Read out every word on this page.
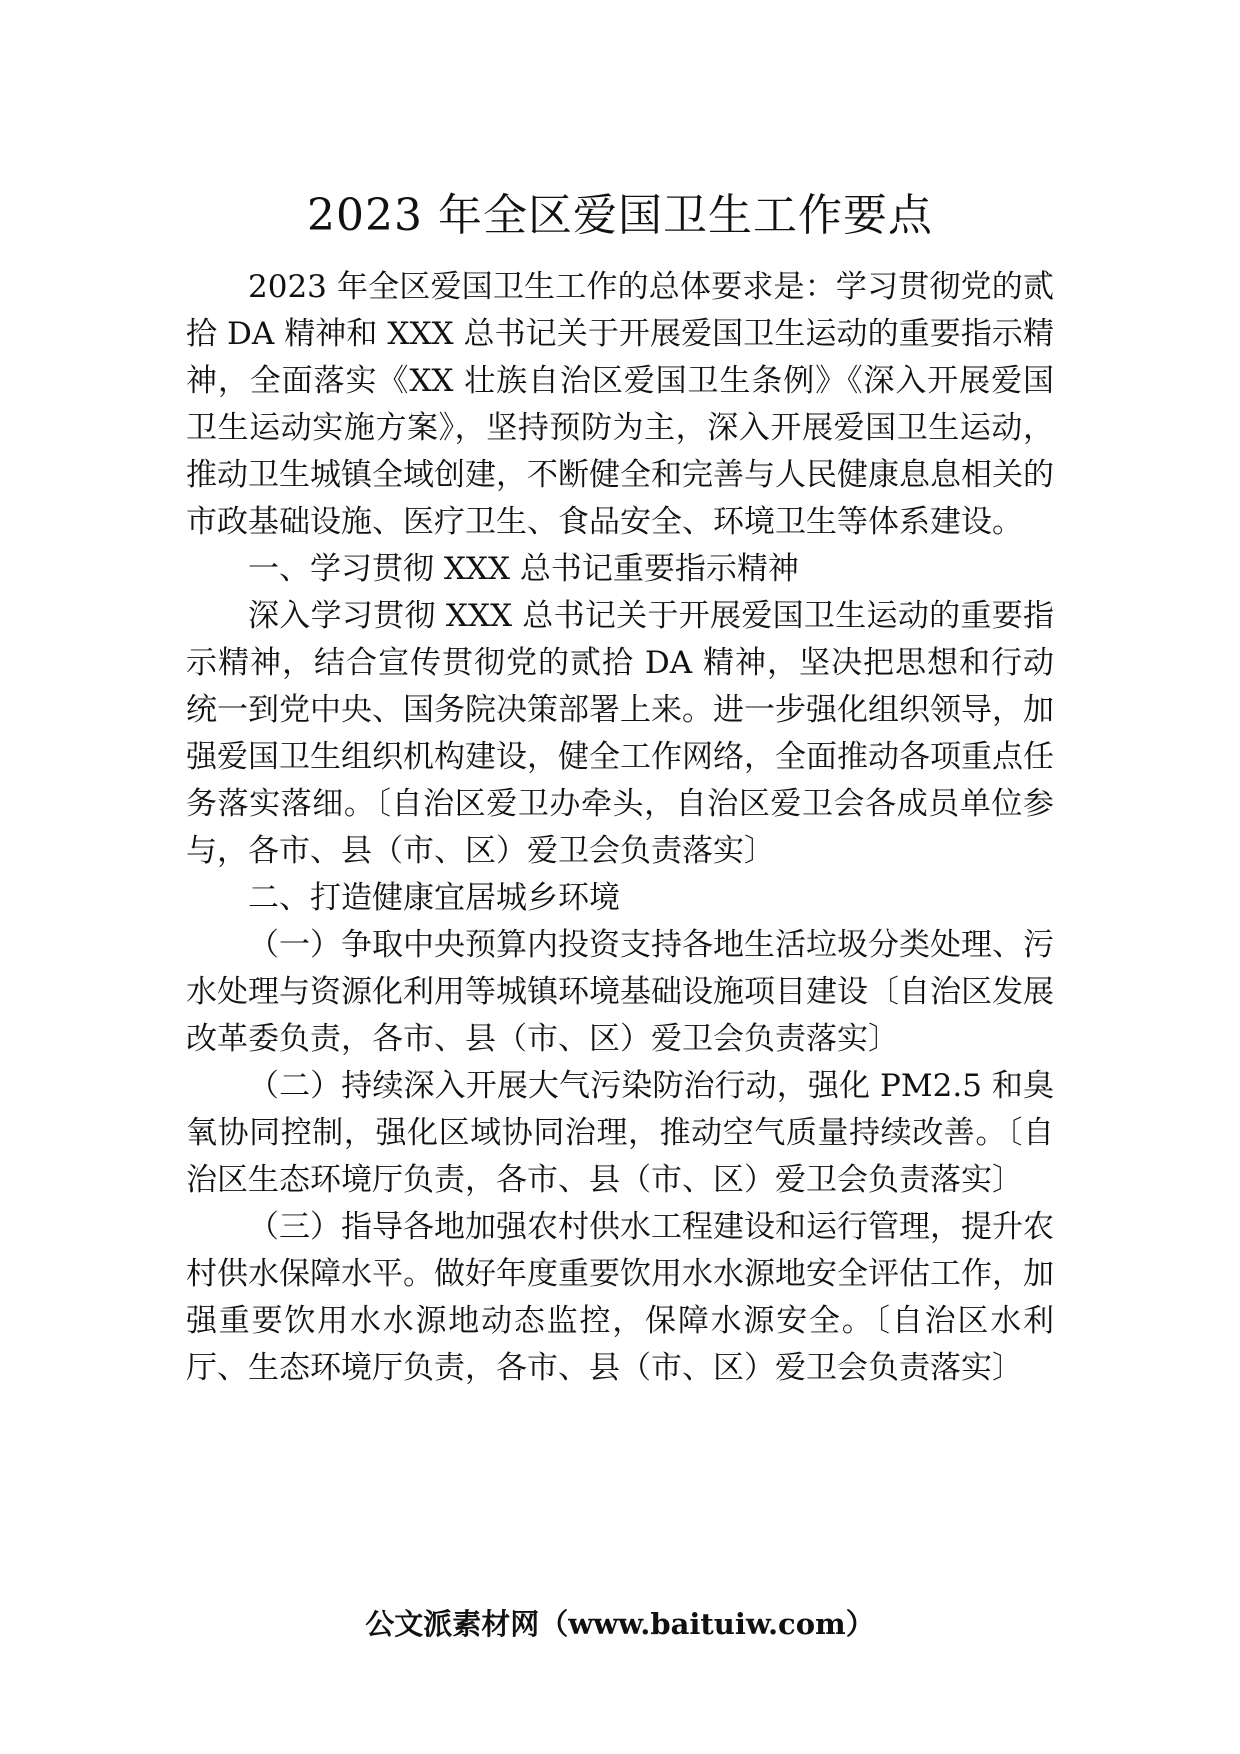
2023 年全区爱国卫生工作要点

2023 年全区爱国卫生工作的总体要求是：学习贯彻党的贰拾 DA 精神和 XXX 总书记关于开展爱国卫生运动的重要指示精神，全面落实《XX 壮族自治区爱国卫生条例》《深入开展爱国卫生运动实施方案》，坚持预防为主，深入开展爱国卫生运动，推动卫生城镇全域创建，不断健全和完善与人民健康息息相关的市政基础设施、医疗卫生、食品安全、环境卫生等体系建设。

一、学习贯彻 XXX 总书记重要指示精神

深入学习贯彻 XXX 总书记关于开展爱国卫生运动的重要指示精神，结合宣传贯彻党的贰拾 DA 精神，坚决把思想和行动统一到党中央、国务院决策部署上来。进一步强化组织领导，加强爱国卫生组织机构建设，健全工作网络，全面推动各项重点任务落实落细。〔自治区爱卫办牵头，自治区爱卫会各成员单位参与，各市、县（市、区）爱卫会负责落实〕

二、打造健康宜居城乡环境

（一）争取中央预算内投资支持各地生活垃圾分类处理、污水处理与资源化利用等城镇环境基础设施项目建设〔自治区发展改革委负责，各市、县（市、区）爱卫会负责落实〕

（二）持续深入开展大气污染防治行动，强化 PM2.5 和臭氧协同控制，强化区域协同治理，推动空气质量持续改善。〔自治区生态环境厅负责，各市、县（市、区）爱卫会负责落实〕

（三）指导各地加强农村供水工程建设和运行管理，提升农村供水保障水平。做好年度重要饮用水水源地安全评估工作，加强重要饮用水水源地动态监控，保障水源安全。〔自治区水利厅、生态环境厅负责，各市、县（市、区）爱卫会负责落实〕

公文派素材网（www.baituiw.com）
